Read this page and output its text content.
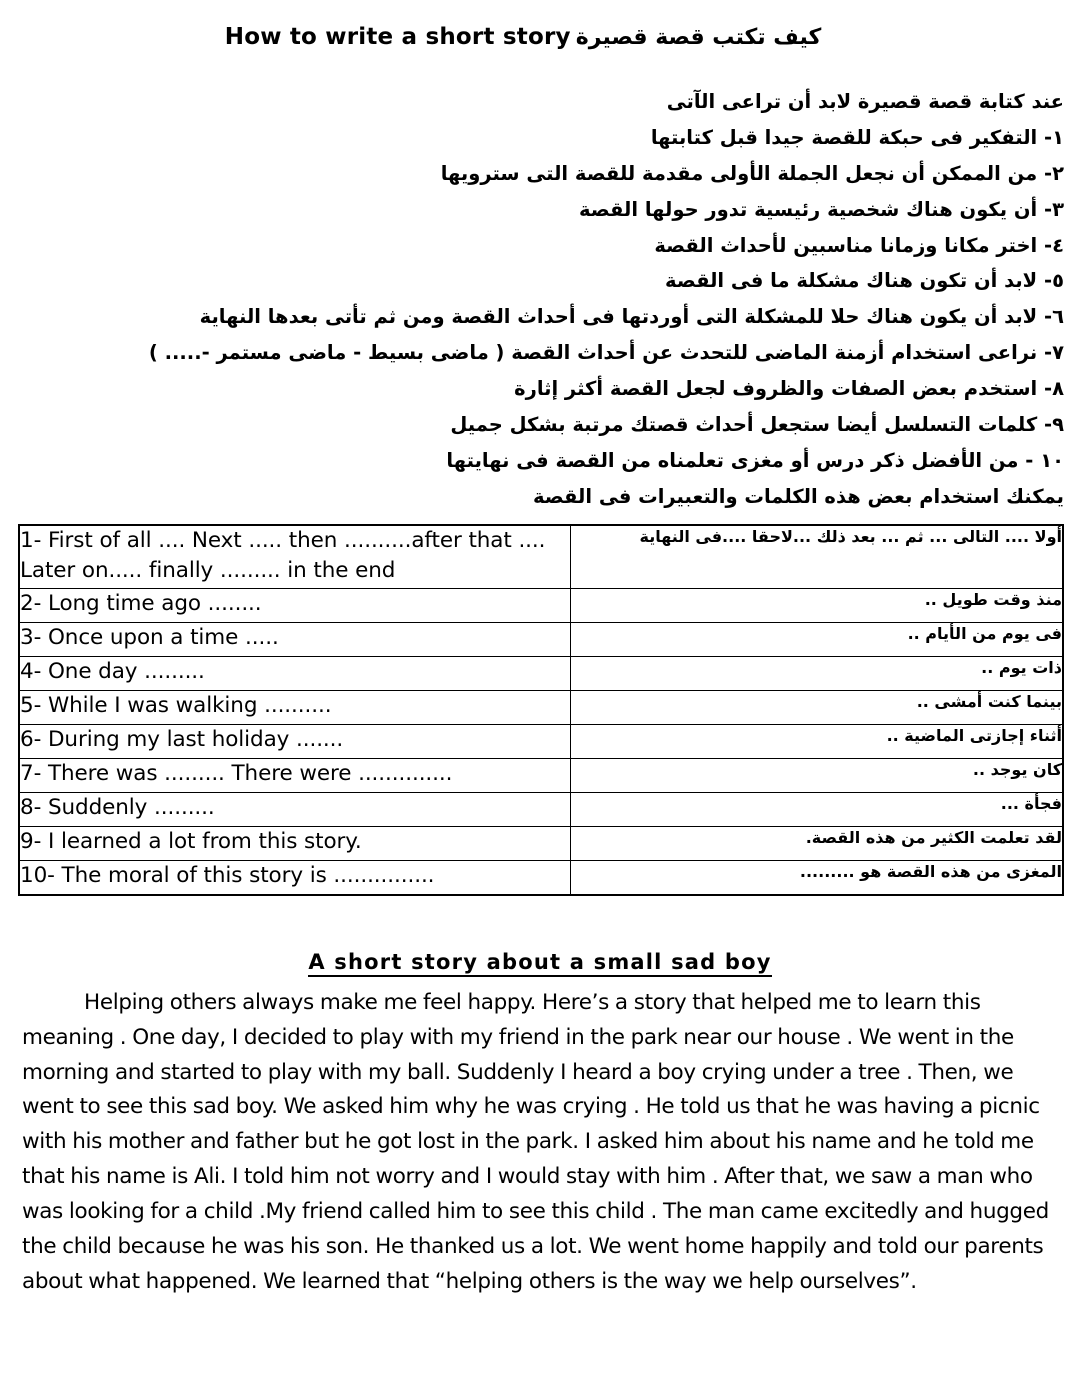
How to write a short story كيف تكتب قصة قصيرة
عند كتابة قصة قصيرة لابد أن تراعى الآتى
١- التفكير فى حبكة للقصة جيدا قبل كتابتها
٢- من الممكن أن نجعل الجملة الأولى مقدمة للقصة التى سترويها
٣- أن يكون هناك شخصية رئيسية تدور حولها القصة
٤- اختر مكانا وزمانا مناسبين لأحداث القصة
٥- لابد أن تكون هناك مشكلة ما فى القصة
٦- لابد أن يكون هناك حلا للمشكلة التى أوردتها فى أحداث القصة ومن ثم تأتى بعدها النهاية
٧- نراعى استخدام أزمنة الماضى للتحدث عن أحداث القصة ( ماضى بسيط - ماضى مستمر -..... )
٨- استخدم بعض الصفات والظروف لجعل القصة أكثر إثارة
٩- كلمات التسلسل أيضا ستجعل أحداث قصتك مرتبة بشكل جميل
١٠ - من الأفضل ذكر درس أو مغزى تعلمناه من القصة فى نهايتها
يمكنك استخدام بعض هذه الكلمات والتعبيرات فى القصة
1- First of all .... Next ..... then ..........after that .... Later on..... finally ......... in the end	أولا .... التالى ... ثم ... بعد ذلك ...لاحقا ....فى النهاية
2- Long time ago ........	منذ وقت طويل ..
3- Once upon a time .....	فى يوم من الأيام ..
4- One day .........	ذات يوم ..
5- While I was walking ..........	بينما كنت أمشى ..
6- During my last holiday .......	أثناء إجازتى الماضية ..
7- There was ......... There were ..............	كان يوجد ..
8- Suddenly .........	فجأة ...
9- I learned a lot from this story.	لقد تعلمت الكثير من هذه القصة.
10- The moral of this story is ...............	المغزى من هذه القصة هو .........
A short story about a small sad boy
Helping others always make me feel happy. Here’s a story that helped me to learn this meaning . One day, I decided to play with my friend in the park near our house . We went in the morning and started to play with my ball. Suddenly I heard a boy crying under a tree . Then, we went to see this sad boy. We asked him why he was crying . He told us that he was having a picnic with his mother and father but he got lost in the park. I asked him about his name and he told me that his name is Ali. I told him not worry and I would stay with him . After that, we saw a man who was looking for a child .My friend called him to see this child . The man came excitedly and hugged the child because he was his son. He thanked us a lot. We went home happily and told our parents about what happened. We learned that “helping others is the way we help ourselves”.
